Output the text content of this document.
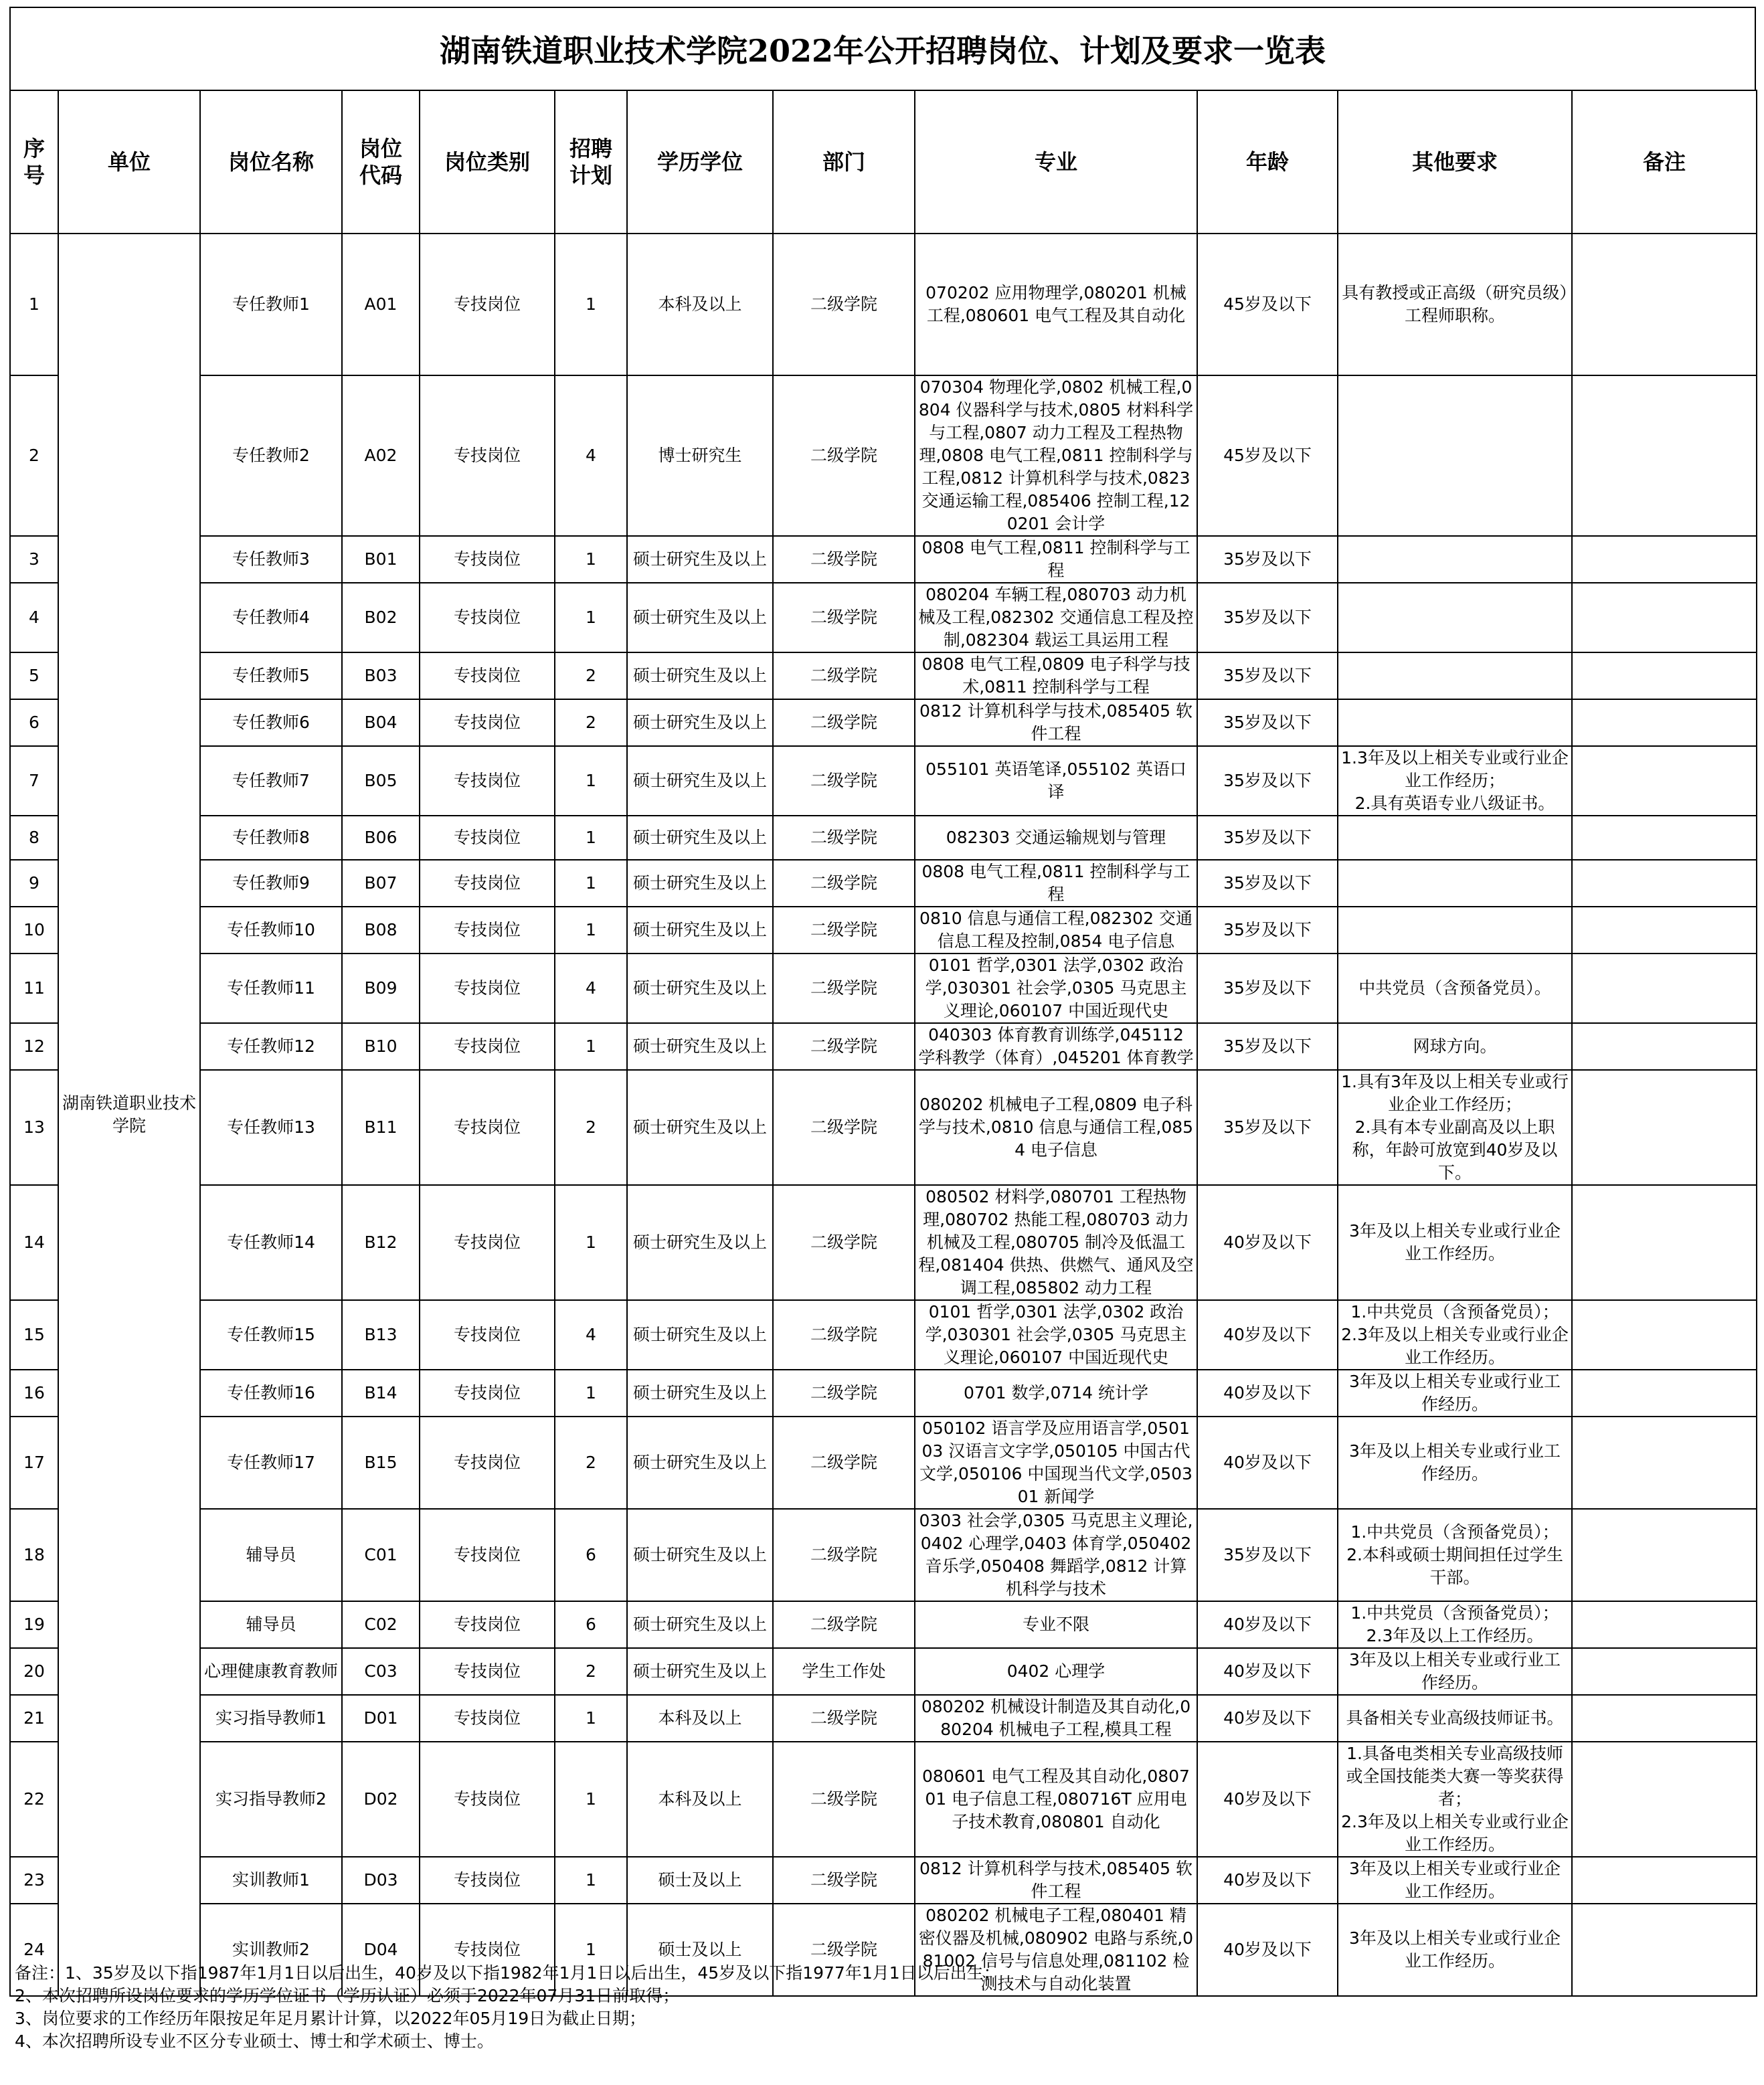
湖南铁道职业技术学院2022年公开招聘岗位、计划及要求一览表
序号	单位	岗位名称	岗位代码	岗位类别	招聘计划	学历学位	部门	专业	年龄	其他要求	备注
1	湖南铁道职业技术学院	专任教师1	A01	专技岗位	1	本科及以上	二级学院	070202 应用物理学,080201 机械工程,080601 电气工程及其自动化	45岁及以下	具有教授或正高级（研究员级）工程师职称。	
2		专任教师2	A02	专技岗位	4	博士研究生	二级学院	070304 物理化学,0802 机械工程,0804 仪器科学与技术,0805 材料科学与工程,0807 动力工程及工程热物理,0808 电气工程,0811 控制科学与工程,0812 计算机科学与技术,0823 交通运输工程,085406 控制工程,120201 会计学	45岁及以下		
3		专任教师3	B01	专技岗位	1	硕士研究生及以上	二级学院	0808 电气工程,0811 控制科学与工程	35岁及以下		
4		专任教师4	B02	专技岗位	1	硕士研究生及以上	二级学院	080204 车辆工程,080703 动力机械及工程,082302 交通信息工程及控制,082304 载运工具运用工程	35岁及以下		
5		专任教师5	B03	专技岗位	2	硕士研究生及以上	二级学院	0808 电气工程,0809 电子科学与技术,0811 控制科学与工程	35岁及以下		
6		专任教师6	B04	专技岗位	2	硕士研究生及以上	二级学院	0812 计算机科学与技术,085405 软件工程	35岁及以下		
7		专任教师7	B05	专技岗位	1	硕士研究生及以上	二级学院	055101 英语笔译,055102 英语口译	35岁及以下	1.3年及以上相关专业或行业企业工作经历；
2.具有英语专业八级证书。	
8		专任教师8	B06	专技岗位	1	硕士研究生及以上	二级学院	082303 交通运输规划与管理	35岁及以下		
9		专任教师9	B07	专技岗位	1	硕士研究生及以上	二级学院	0808 电气工程,0811 控制科学与工程	35岁及以下		
10		专任教师10	B08	专技岗位	1	硕士研究生及以上	二级学院	0810 信息与通信工程,082302 交通信息工程及控制,0854 电子信息	35岁及以下		
11		专任教师11	B09	专技岗位	4	硕士研究生及以上	二级学院	0101 哲学,0301 法学,0302 政治学,030301 社会学,0305 马克思主义理论,060107 中国近现代史	35岁及以下	中共党员（含预备党员）。	
12		专任教师12	B10	专技岗位	1	硕士研究生及以上	二级学院	040303 体育教育训练学,045112 学科教学（体育）,045201 体育教学	35岁及以下	网球方向。	
13		专任教师13	B11	专技岗位	2	硕士研究生及以上	二级学院	080202 机械电子工程,0809 电子科学与技术,0810 信息与通信工程,0854 电子信息	35岁及以下	1.具有3年及以上相关专业或行业企业工作经历；
2.具有本专业副高及以上职称，年龄可放宽到40岁及以下。	
14		专任教师14	B12	专技岗位	1	硕士研究生及以上	二级学院	080502 材料学,080701 工程热物理,080702 热能工程,080703 动力机械及工程,080705 制冷及低温工程,081404 供热、供燃气、通风及空调工程,085802 动力工程	40岁及以下	3年及以上相关专业或行业企业工作经历。	
15		专任教师15	B13	专技岗位	4	硕士研究生及以上	二级学院	0101 哲学,0301 法学,0302 政治学,030301 社会学,0305 马克思主义理论,060107 中国近现代史	40岁及以下	1.中共党员（含预备党员）；
2.3年及以上相关专业或行业企业工作经历。	
16		专任教师16	B14	专技岗位	1	硕士研究生及以上	二级学院	0701 数学,0714 统计学	40岁及以下	3年及以上相关专业或行业工作经历。	
17		专任教师17	B15	专技岗位	2	硕士研究生及以上	二级学院	050102 语言学及应用语言学,050103 汉语言文字学,050105 中国古代文学,050106 中国现当代文学,050301 新闻学	40岁及以下	3年及以上相关专业或行业工作经历。	
18		辅导员	C01	专技岗位	6	硕士研究生及以上	二级学院	0303 社会学,0305 马克思主义理论,0402 心理学,0403 体育学,050402 音乐学,050408 舞蹈学,0812 计算机科学与技术	35岁及以下	1.中共党员（含预备党员）；
2.本科或硕士期间担任过学生干部。	
19		辅导员	C02	专技岗位	6	硕士研究生及以上	二级学院	专业不限	40岁及以下	1.中共党员（含预备党员）；
2.3年及以上工作经历。	
20		心理健康教育教师	C03	专技岗位	2	硕士研究生及以上	学生工作处	0402 心理学	40岁及以下	3年及以上相关专业或行业工作经历。	
21		实习指导教师1	D01	专技岗位	1	本科及以上	二级学院	080202 机械设计制造及其自动化,080204 机械电子工程,模具工程	40岁及以下	具备相关专业高级技师证书。	
22		实习指导教师2	D02	专技岗位	1	本科及以上	二级学院	080601 电气工程及其自动化,080701 电子信息工程,080716T 应用电子技术教育,080801 自动化	40岁及以下	1.具备电类相关专业高级技师或全国技能类大赛一等奖获得者；
2.3年及以上相关专业或行业企业工作经历。	
23		实训教师1	D03	专技岗位	1	硕士及以上	二级学院	0812 计算机科学与技术,085405 软件工程	40岁及以下	3年及以上相关专业或行业企业工作经历。	
24		实训教师2	D04	专技岗位	1	硕士及以上	二级学院	080202 机械电子工程,080401 精密仪器及机械,080902 电路与系统,081002 信号与信息处理,081102 检测技术与自动化装置	40岁及以下	3年及以上相关专业或行业企业工作经历。	
备注：1、35岁及以下指1987年1月1日以后出生，40岁及以下指1982年1月1日以后出生，45岁及以下指1977年1月1日以后出生；
2、本次招聘所设岗位要求的学历学位证书（学历认证）必须于2022年07月31日前取得；
3、岗位要求的工作经历年限按足年足月累计计算，以2022年05月19日为截止日期；
4、本次招聘所设专业不区分专业硕士、博士和学术硕士、博士。
